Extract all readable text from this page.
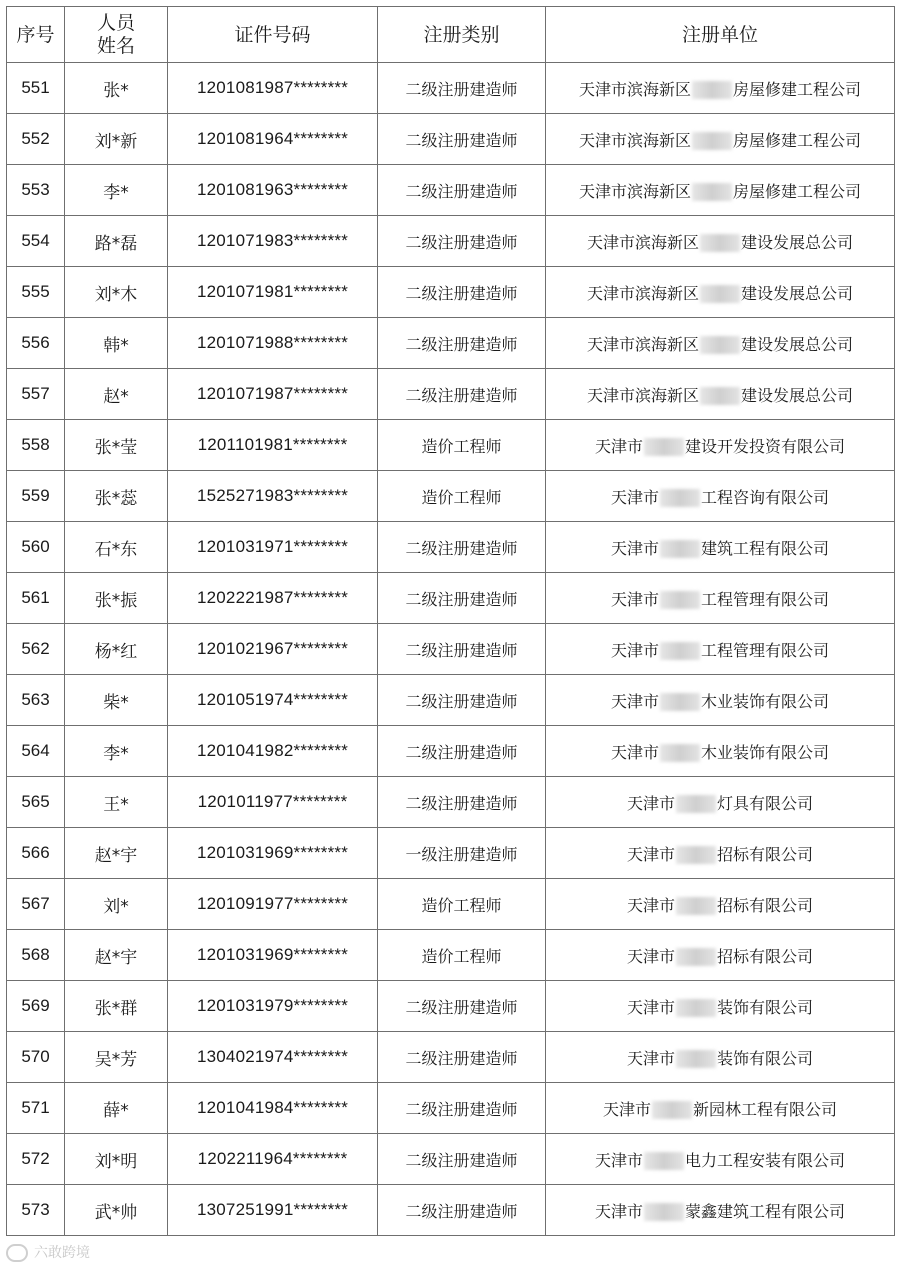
序号	人员姓名	证件号码	注册类别	注册单位
551	张*	1201081987********	二级注册建造师	天津市滨海新区 房屋修建工程公司
552	刘*新	1201081964********	二级注册建造师	天津市滨海新区 房屋修建工程公司
553	李*	1201081963********	二级注册建造师	天津市滨海新区 房屋修建工程公司
554	路*磊	1201071983********	二级注册建造师	天津市滨海新区 建设发展总公司
555	刘*木	1201071981********	二级注册建造师	天津市滨海新区 建设发展总公司
556	韩*	1201071988********	二级注册建造师	天津市滨海新区 建设发展总公司
557	赵*	1201071987********	二级注册建造师	天津市滨海新区 建设发展总公司
558	张*莹	1201101981********	造价工程师	天津市 建设开发投资有限公司
559	张*蕊	1525271983********	造价工程师	天津市 工程咨询有限公司
560	石*东	1201031971********	二级注册建造师	天津市 建筑工程有限公司
561	张*振	1202221987********	二级注册建造师	天津市 工程管理有限公司
562	杨*红	1201021967********	二级注册建造师	天津市 工程管理有限公司
563	柴*	1201051974********	二级注册建造师	天津市 木业装饰有限公司
564	李*	1201041982********	二级注册建造师	天津市 木业装饰有限公司
565	王*	1201011977********	二级注册建造师	天津市 灯具有限公司
566	赵*宇	1201031969********	一级注册建造师	天津市 招标有限公司
567	刘*	1201091977********	造价工程师	天津市 招标有限公司
568	赵*宇	1201031969********	造价工程师	天津市 招标有限公司
569	张*群	1201031979********	二级注册建造师	天津市 装饰有限公司
570	吴*芳	1304021974********	二级注册建造师	天津市 装饰有限公司
571	薛*	1201041984********	二级注册建造师	天津市 新园林工程有限公司
572	刘*明	1202211964********	二级注册建造师	天津市 电力工程安装有限公司
573	武*帅	1307251991********	二级注册建造师	天津市 蒙鑫建筑工程有限公司
六敢跨境
